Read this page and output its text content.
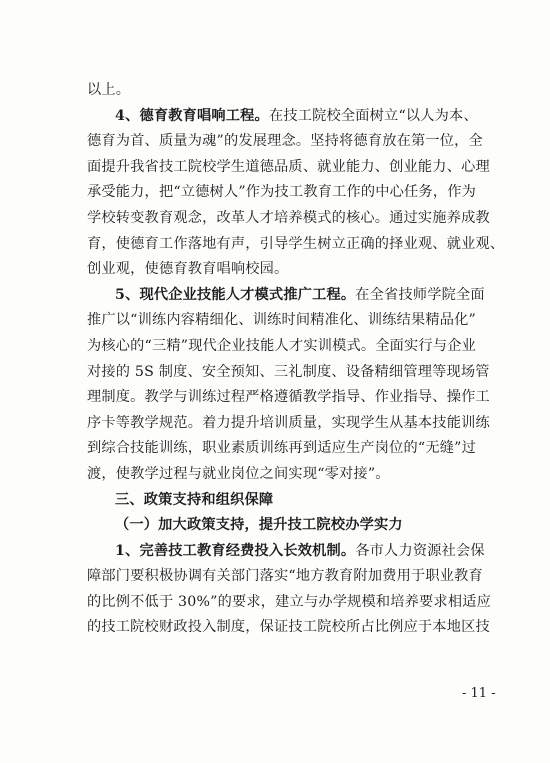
以上。

4、德育教育唱响工程。在技工院校全面树立“以人为本、
德育为首、质量为魂”的发展理念。坚持将德育放在第一位，全
面提升我省技工院校学生道德品质、就业能力、创业能力、心理
承受能力，把“立德树人”作为技工教育工作的中心任务，作为
学校转变教育观念，改革人才培养模式的核心。通过实施养成教
育，使德育工作落地有声，引导学生树立正确的择业观、就业观、
创业观，使德育教育唱响校园。

5、现代企业技能人才模式推广工程。在全省技师学院全面
推广以“训练内容精细化、训练时间精准化、训练结果精品化”
为核心的“三精”现代企业技能人才实训模式。全面实行与企业
对接的 5S 制度、安全预知、三礼制度、设备精细管理等现场管
理制度。教学与训练过程严格遵循教学指导、作业指导、操作工
序卡等教学规范。着力提升培训质量，实现学生从基本技能训练
到综合技能训练，职业素质训练再到适应生产岗位的“无缝”过
渡，使教学过程与就业岗位之间实现“零对接”。

三、政策支持和组织保障

（一）加大政策支持，提升技工院校办学实力

1、完善技工教育经费投入长效机制。各市人力资源社会保
障部门要积极协调有关部门落实“地方教育附加费用于职业教育
的比例不低于 30%”的要求，建立与办学规模和培养要求相适应
的技工院校财政投入制度，保证技工院校所占比例应于本地区技

- 11 -
